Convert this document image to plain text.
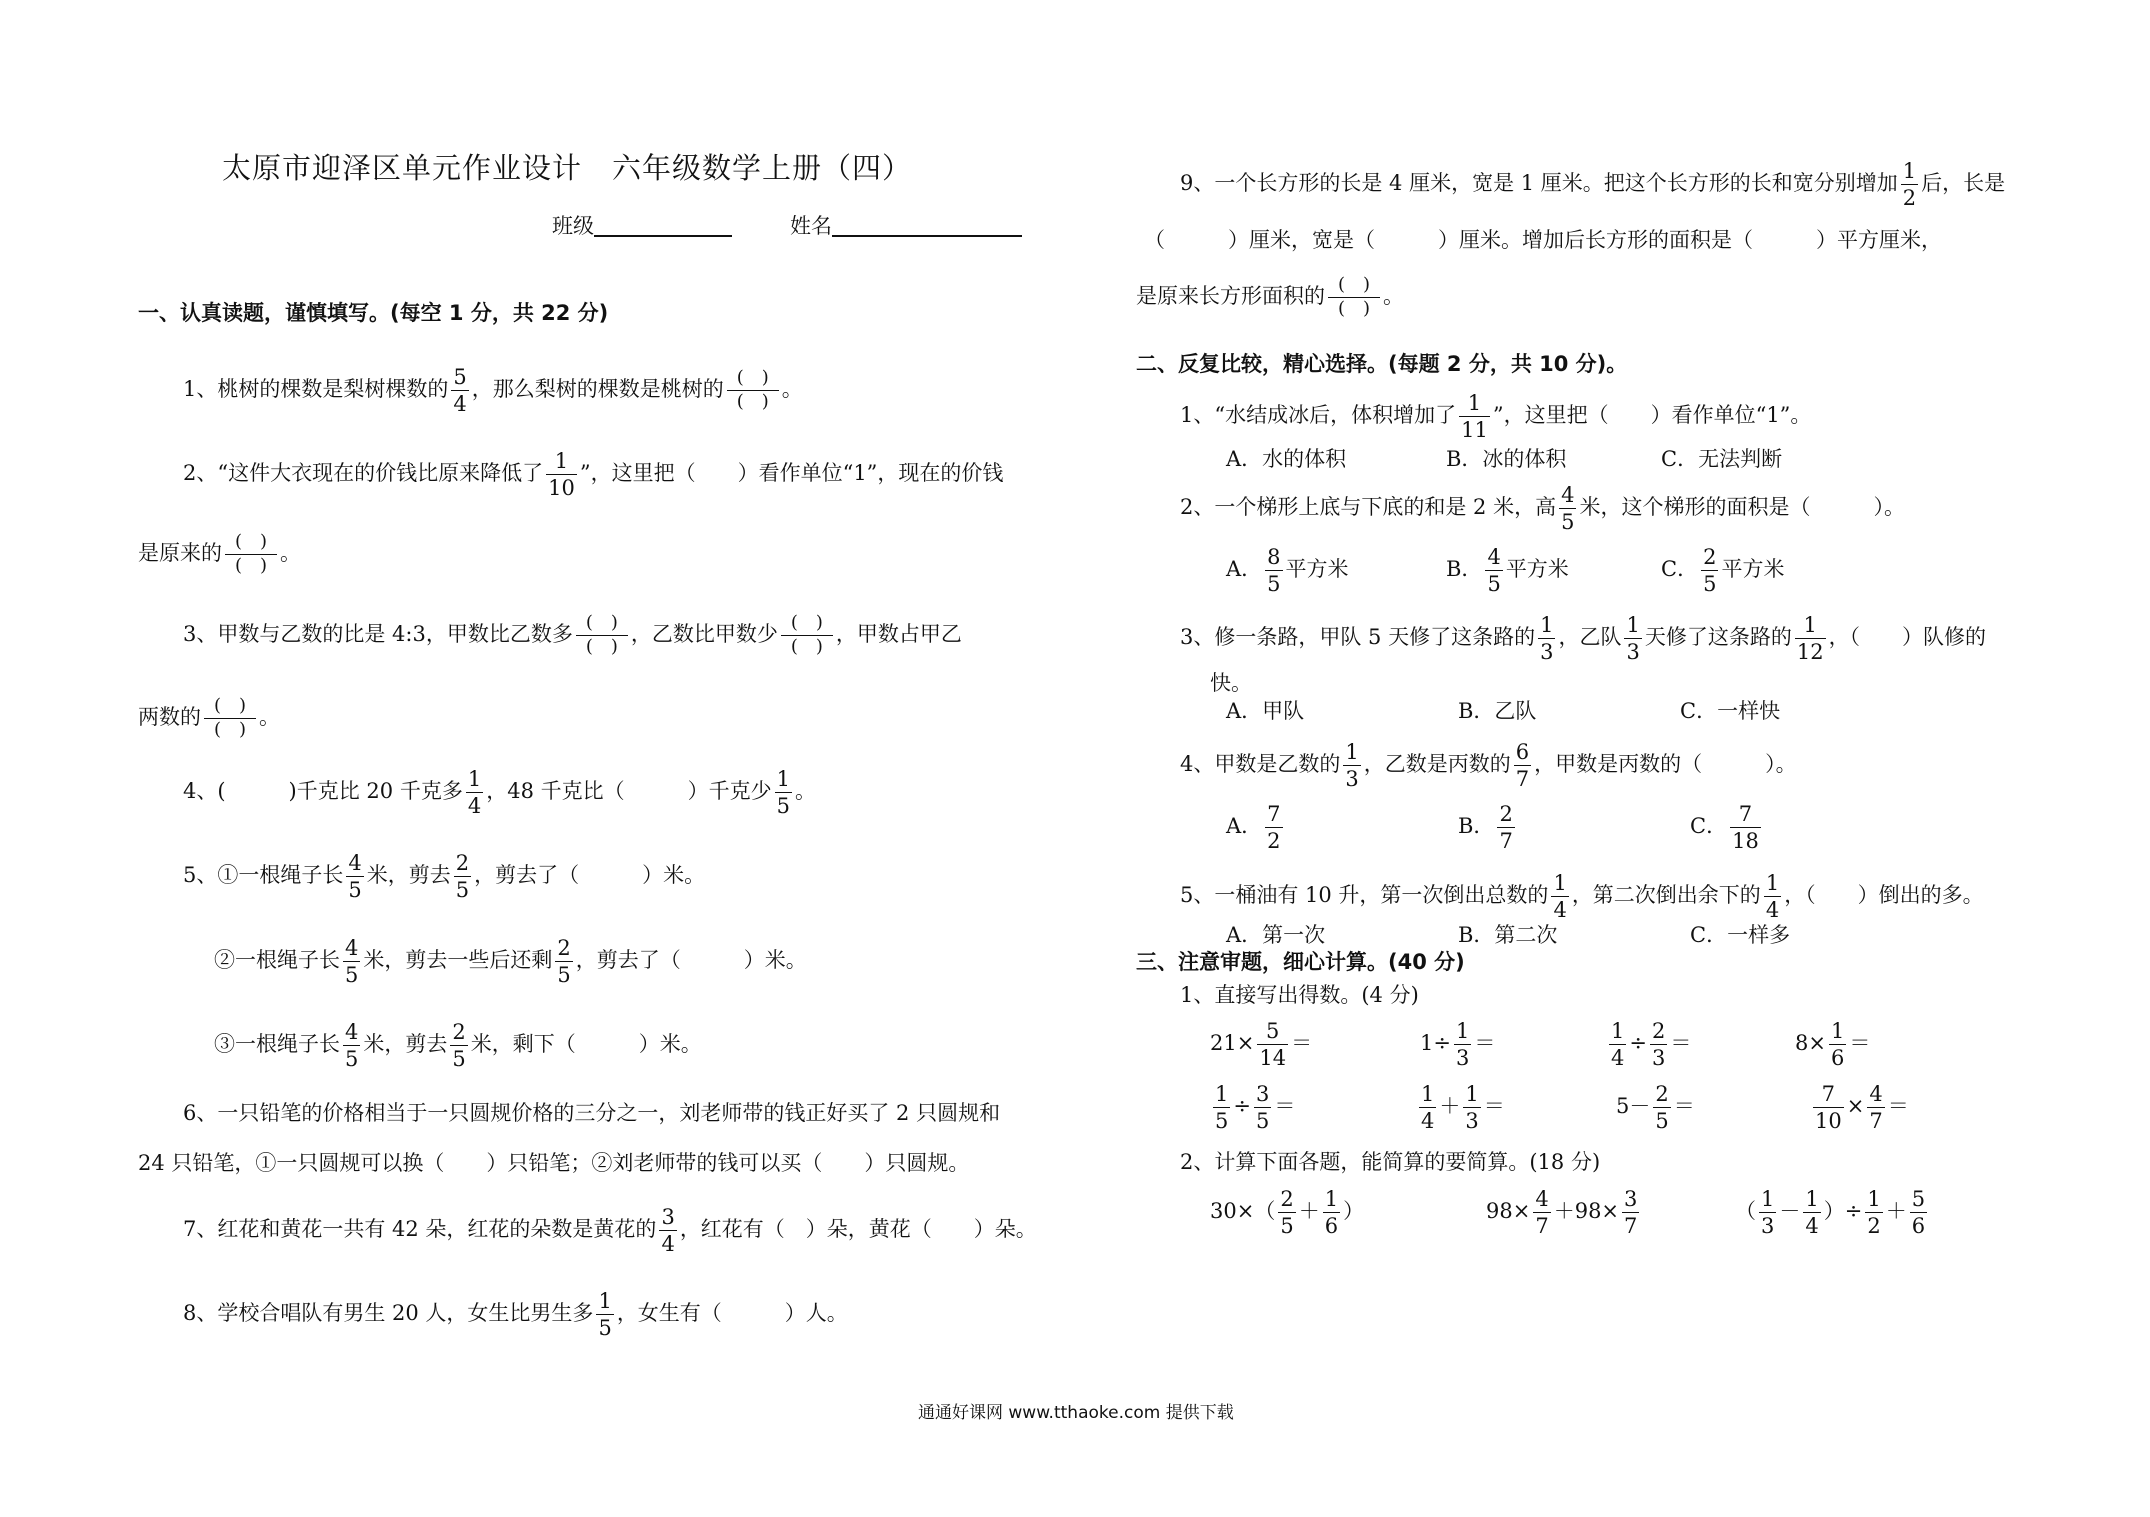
太原市迎泽区单元作业设计　六年级数学上册（四）
班级	姓名
一、认真读题，谨慎填写。(每空 1 分，共 22 分)
1、桃树的棵数是梨树棵数的 $\frac{5}{4}$ ，那么梨树的棵数是桃树的 (　)
(　)
。
2、“这件大衣现在的价钱比原来降低了 $\frac{1}{10}$ ”，这里把（　　）看作单位“1”，现在的价钱
是原来的 (　)
(　)
。
3、甲数与乙数的比是 4:3，甲数比乙数多 (　)
(　)
，乙数比甲数少 (　)
(　)
，甲数占甲乙
两数的 (　)
(　)
。
4、(　　　)千克比 20 千克多 $\frac{1}{4}$ ，48 千克比（　　　）千克少 $\frac{1}{5}$ 。
5、①一根绳子长 $\frac{4}{5}$ 米，剪去 $\frac{2}{5}$ ，剪去了（　　　）米。
②一根绳子长 $\frac{4}{5}$ 米，剪去一些后还剩 $\frac{2}{5}$ ，剪去了（　　　）米。
③一根绳子长 $\frac{4}{5}$ 米，剪去 $\frac{2}{5}$ 米，剩下（　　　）米。
6、一只铅笔的价格相当于一只圆规价格的三分之一，刘老师带的钱正好买了 2 只圆规和
24 只铅笔，①一只圆规可以换（　　）只铅笔；②刘老师带的钱可以买（　　）只圆规。
7、红花和黄花一共有 42 朵，红花的朵数是黄花的 $\frac{3}{4}$ ，红花有（　）朵，黄花（　　）朵。
8、学校合唱队有男生 20 人，女生比男生多 $\frac{1}{5}$ ，女生有（　　　）人。
9、一个长方形的长是 4 厘米，宽是 1 厘米。把这个长方形的长和宽分别增加 $\frac{1}{2}$ 后，长是
（　　　）厘米，宽是（　　　）厘米。增加后长方形的面积是（　　　）平方厘米，
是原来长方形面积的 (　)
(　)
。
二、反复比较，精心选择。(每题 2 分，共 10 分)。
1、“水结成冰后，体积增加了 $\frac{1}{11}$ ”，这里把（　　）看作单位“1”。
A．水的体积	B．冰的体积	C．无法判断
2、一个梯形上底与下底的和是 2 米，高 $\frac{4}{5}$ 米，这个梯形的面积是（　　　）。
A． $\frac{8}{5}$ 平方米	B． $\frac{4}{5}$ 平方米	C． $\frac{2}{5}$ 平方米
3、修一条路，甲队 5 天修了这条路的 $\frac{1}{3}$ ，乙队 $\frac{1}{3}$ 天修了这条路的 $\frac{1}{12}$ ，（　　）队修的
快。
A．甲队	B．乙队	C．一样快
4、甲数是乙数的 $\frac{1}{3}$ ，乙数是丙数的 $\frac{6}{7}$ ，甲数是丙数的（　　　）。
A． $\frac{7}{2}$	B． $\frac{2}{7}$	C． $\frac{7}{18}$
5、一桶油有 10 升，第一次倒出总数的 $\frac{1}{4}$ ，第二次倒出余下的 $\frac{1}{4}$ ，（　　）倒出的多。
A．第一次	B．第二次	C．一样多
三、注意审题，细心计算。(40 分)
1、直接写出得数。(4 分)
$21\times \frac{5}{14}$ ＝	$1\div \frac{1}{3}$ ＝	$\frac{1}{4} \div \frac{2}{3}$ ＝	$8\times \frac{1}{6}$ ＝
$\frac{1}{5} \div \frac{3}{5}$ ＝	$\frac{1}{4} + \frac{1}{3}$ ＝	$5- \frac{2}{5}$ ＝	$\frac{7}{10} \times \frac{4}{7}$ ＝
2、计算下面各题，能简算的要简算。(18 分)
$30\times( \frac{2}{5} + \frac{1}{6}$ ）	$98\times \frac{4}{7} +98\times \frac{3}{7}$	（ $\frac{1}{3} - \frac{1}{4}$ ）÷ $\frac{1}{2} + \frac{5}{6}$
通通好课网 www.tthaoke.com 提供下载
